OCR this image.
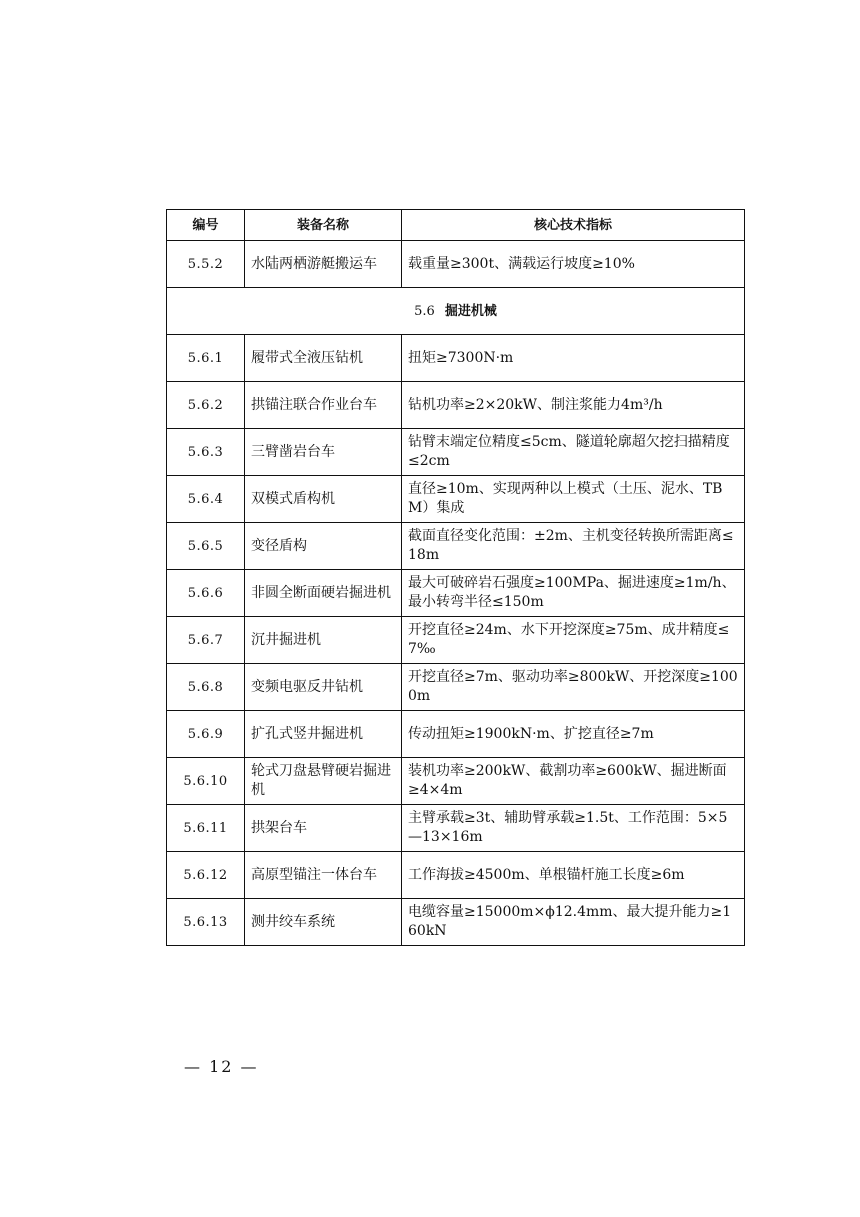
编号	装备名称	核心技术指标
5.5.2	水陆两栖游艇搬运车	载重量≥300t、满载运行坡度≥10%
5.6 掘进机械		
5.6.1	履带式全液压钻机	扭矩≥7300N·m
5.6.2	拱锚注联合作业台车	钻机功率≥2×20kW、制注浆能力4m³/h
5.6.3	三臂凿岩台车	钻臂末端定位精度≤5cm、隧道轮廓超欠挖扫描精度≤2cm
5.6.4	双模式盾构机	直径≥10m、实现两种以上模式（土压、泥水、TBM）集成
5.6.5	变径盾构	截面直径变化范围：±2m、主机变径转换所需距离≤18m
5.6.6	非圆全断面硬岩掘进机	最大可破碎岩石强度≥100MPa、掘进速度≥1m/h、最小转弯半径≤150m
5.6.7	沉井掘进机	开挖直径≥24m、水下开挖深度≥75m、成井精度≤7‰
5.6.8	变频电驱反井钻机	开挖直径≥7m、驱动功率≥800kW、开挖深度≥1000m
5.6.9	扩孔式竖井掘进机	传动扭矩≥1900kN·m、扩挖直径≥7m
5.6.10	轮式刀盘悬臂硬岩掘进机	装机功率≥200kW、截割功率≥600kW、掘进断面≥4×4m
5.6.11	拱架台车	主臂承载≥3t、辅助臂承载≥1.5t、工作范围：5×5—13×16m
5.6.12	高原型锚注一体台车	工作海拔≥4500m、单根锚杆施工长度≥6m
5.6.13	测井绞车系统	电缆容量≥15000m×ϕ12.4mm、最大提升能力≥160kN
— 12 —
